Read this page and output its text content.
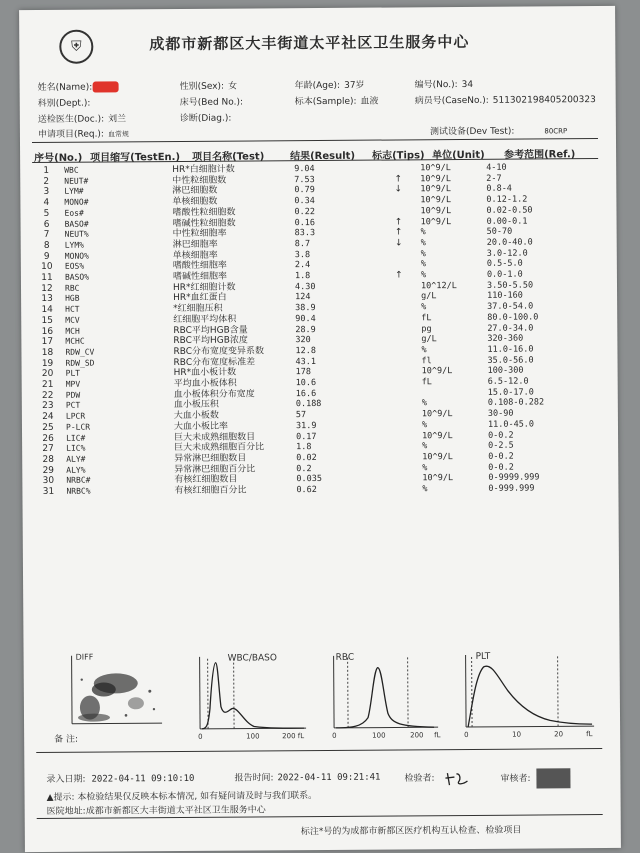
⛨	成都市新都区大丰街道太平社区卫生服务中心
姓名(Name):	性别(Sex): 女	年龄(Age): 37岁	编号(No.): 34
科别(Dept.):	床号(Bed No.):	标本(Sample): 血液	病员号(CaseNo.): 511302198405200323
送检医生(Doc.): 刘兰	诊断(Diag.):
申请项目(Req.): 血常规	测试设备(Dev Test):	80CRP
序号(No.) 项目缩写(TestEn.) 项目名称(Test)	结果(Result) 标志(Tips) 单位(Unit) 参考范围(Ref.)
1	WBC	HR*白细胞计数	9.04		10^9/L	4-10
2	NEUT#	中性粒细胞数	7.53	↑	10^9/L	2-7
3	LYM#	淋巴细胞数	0.79	↓	10^9/L	0.8-4
4	MONO#	单核细胞数	0.34		10^9/L	0.12-1.2
5	Eos#	嗜酸性粒细胞数	0.22		10^9/L	0.02-0.50
6	BASO#	嗜碱性粒细胞数	0.16	↑	10^9/L	0.00-0.1
7	NEUT%	中性粒细胞率	83.3	↑	%	50-70
8	LYM%	淋巴细胞率	8.7	↓	%	20.0-40.0
9	MONO%	单核细胞率	3.8		%	3.0-12.0
10	EOS%	嗜酸性细胞率	2.4		%	0.5-5.0
11	BASO%	嗜碱性细胞率	1.8	↑	%	0.0-1.0
12	RBC	HR*红细胞计数	4.30		10^12/L	3.50-5.50
13	HGB	HR*血红蛋白	124		g/L	110-160
14	HCT	*红细胞压积	38.9		%	37.0-54.0
15	MCV	红细胞平均体积	90.4		fL	80.0-100.0
16	MCH	RBC平均HGB含量	28.9		pg	27.0-34.0
17	MCHC	RBC平均HGB浓度	320		g/L	320-360
18	RDW_CV	RBC分布宽度变异系数	12.8		%	11.0-16.0
19	RDW_SD	RBC分布宽度标准差	43.1		fl	35.0-56.0
20	PLT	HR*血小板计数	178		10^9/L	100-300
21	MPV	平均血小板体积	10.6		fL	6.5-12.0
22	PDW	血小板体积分布宽度	16.6			15.0-17.0
23	PCT	血小板压积	0.188		%	0.108-0.282
24	LPCR	大血小板数	57		10^9/L	30-90
25	P-LCR	大血小板比率	31.9		%	11.0-45.0
26	LIC#	巨大未成熟细胞数目	0.17		10^9/L	0-0.2
27	LIC%	巨大未成熟细胞百分比	1.8		%	0-2.5
28	ALY#	异常淋巴细胞数目	0.02		10^9/L	0-0.2
29	ALY%	异常淋巴细胞百分比	0.2		%	0-0.2
30	NRBC#	有核红细胞数目	0.035		10^9/L	0-9999.999
31	NRBC%	有核红细胞百分比	0.62		%	0-999.999
DIFF	WBC/BASO
0	100	200 fL
RBC
0	100	200 fL
PLT
0	10	20	fL
备 注:
录入日期: 2022-04-11 09:10:10	报告时间: 2022-04-11 09:21:41	检验者:	审核者:
▲提示: 本检验结果仅反映本标本情况, 如有疑问请及时与我们联系。
医院地址:成都市新都区大丰街道太平社区卫生服务中心
标注*号的为成都市新都区医疗机构互认检查、检验项目
